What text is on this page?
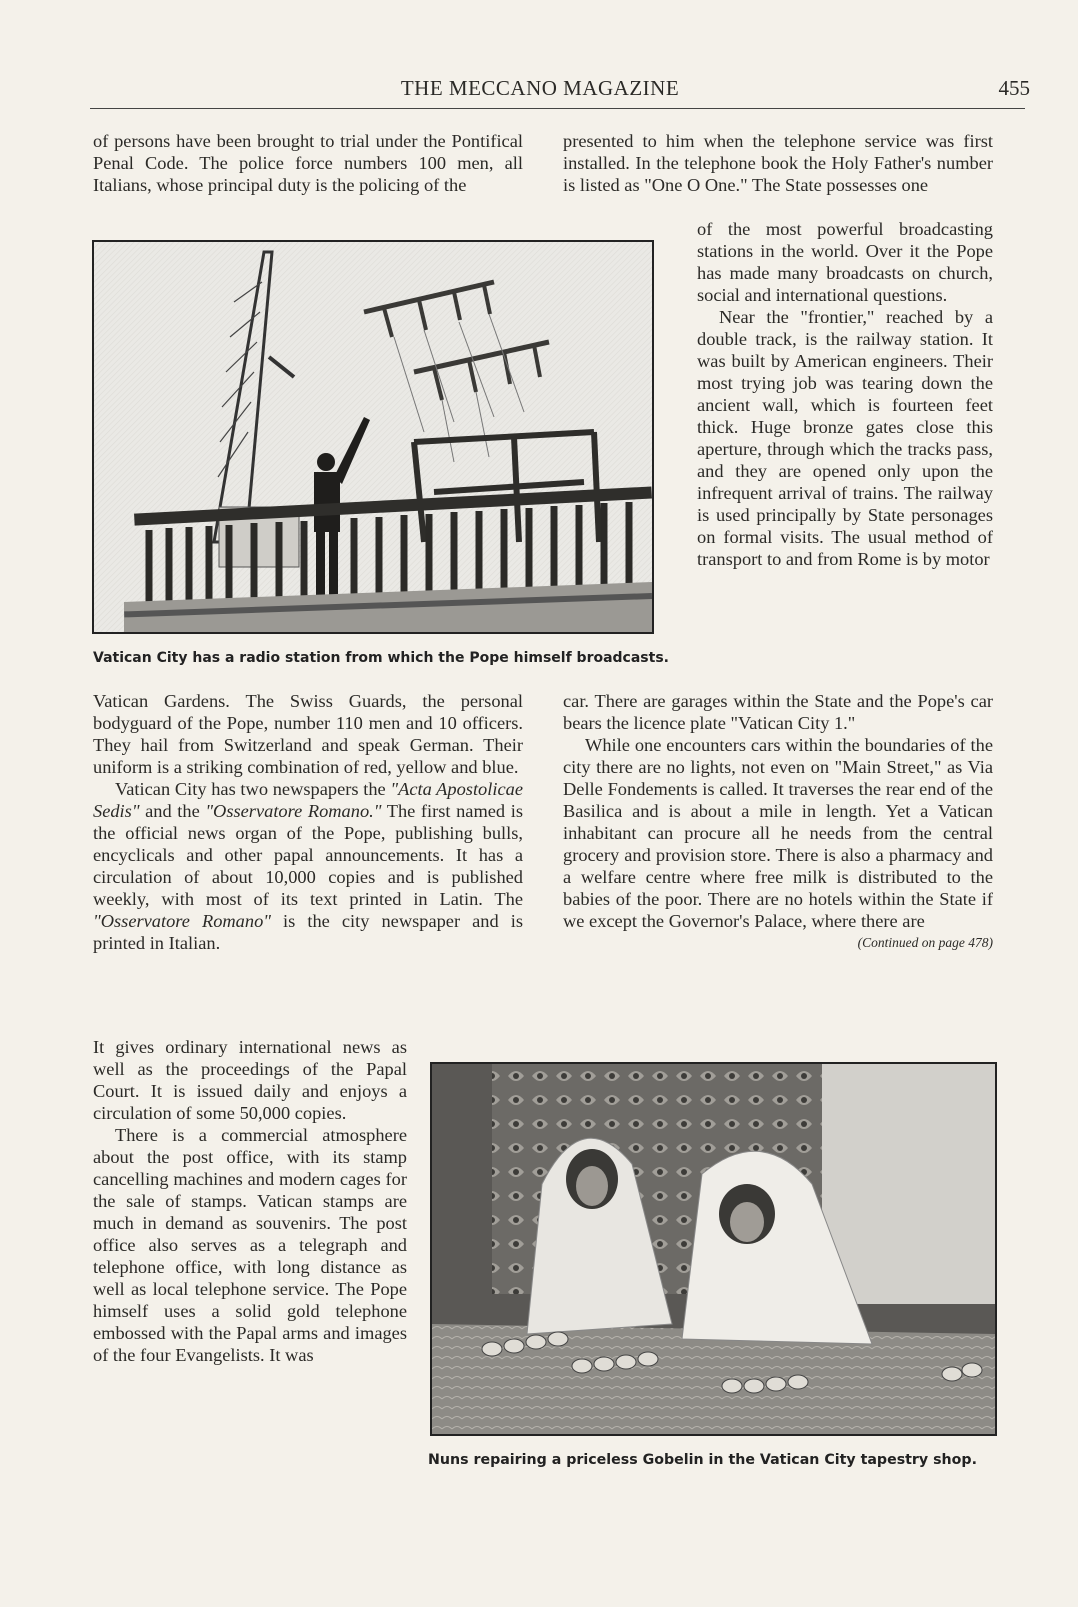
THE MECCANO MAGAZINE	455

of persons have been brought to trial under the Pontifical Penal Code. The police force numbers 100 men, all Italians, whose principal duty is the policing of the

presented to him when the telephone service was first installed. In the telephone book the Holy Father's number is listed as "One O One." The State possesses one

Vatican City has a radio station from which the Pope himself broadcasts.

of the most powerful broadcasting stations in the world. Over it the Pope has made many broadcasts on church, social and international questions.

Near the "frontier," reached by a double track, is the railway station. It was built by American engineers. Their most trying job was tearing down the ancient wall, which is fourteen feet thick. Huge bronze gates close this aperture, through which the tracks pass, and they are opened only upon the infrequent arrival of trains. The railway is used principally by State personages on formal visits. The usual method of transport to and from Rome is by motor

Vatican Gardens. The Swiss Guards, the personal bodyguard of the Pope, number 110 men and 10 officers. They hail from Switzerland and speak German. Their uniform is a striking combination of red, yellow and blue.

Vatican City has two newspapers the "Acta Apostolicae Sedis" and the "Osservatore Romano." The first named is the official news organ of the Pope, publishing bulls, encyclicals and other papal announcements. It has a circulation of about 10,000 copies and is published weekly, with most of its text printed in Latin. The "Osservatore Romano" is the city newspaper and is printed in Italian.

car. There are garages within the State and the Pope's car bears the licence plate "Vatican City 1."

While one encounters cars within the boundaries of the city there are no lights, not even on "Main Street," as Via Delle Fondements is called. It traverses the rear end of the Basilica and is about a mile in length. Yet a Vatican inhabitant can procure all he needs from the central grocery and provision store. There is also a pharmacy and a welfare centre where free milk is distributed to the babies of the poor. There are no hotels within the State if we except the Governor's Palace, where there are
(Continued on page 478)

It gives ordinary international news as well as the proceedings of the Papal Court. It is issued daily and enjoys a circulation of some 50,000 copies.

There is a commercial atmosphere about the post office, with its stamp cancelling machines and modern cages for the sale of stamps. Vatican stamps are much in demand as souvenirs. The post office also serves as a telegraph and telephone office, with long distance as well as local telephone service. The Pope himself uses a solid gold telephone embossed with the Papal arms and images of the four Evangelists. It was

Nuns repairing a priceless Gobelin in the Vatican City tapestry shop.
